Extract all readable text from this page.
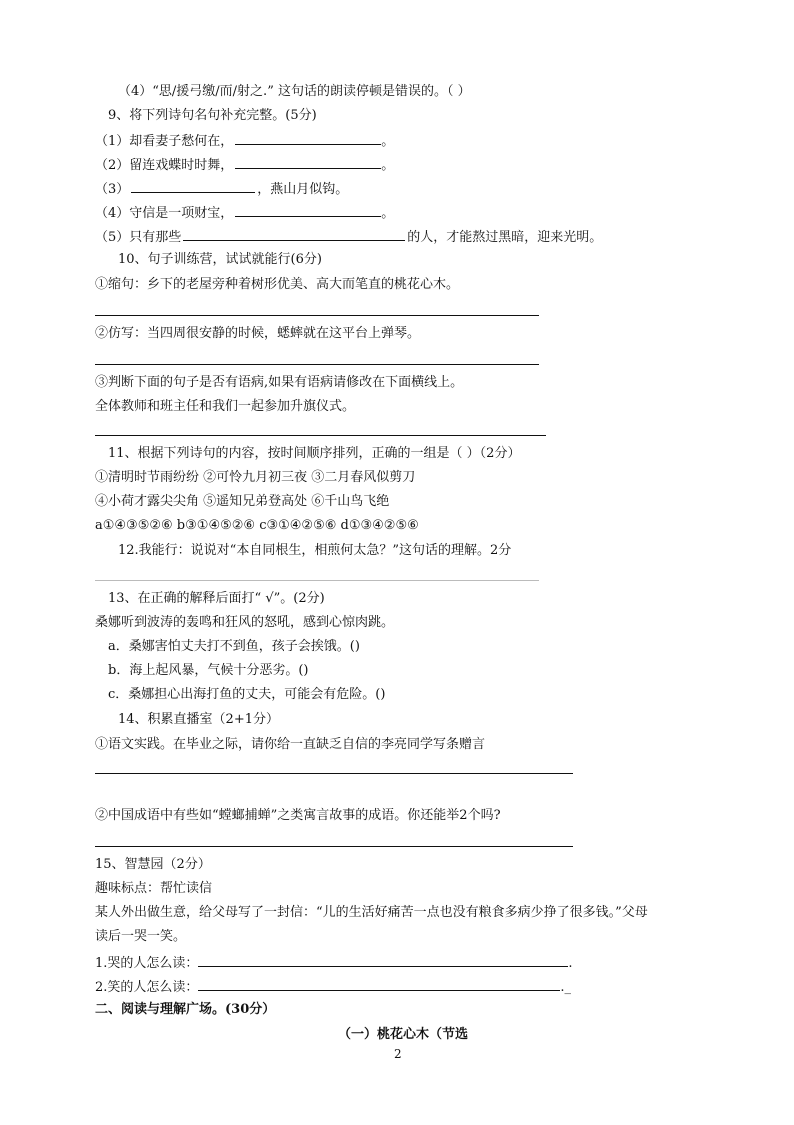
（4）“思/援弓缴/而/射之.” 这句话的朗读停顿是错误的。（ ）
9、将下列诗句名句补充完整。(5分)
（1）却看妻子愁何在，	。
（2）留连戏蝶时时舞，	。
（3）	，燕山月似钩。
（4）守信是一项财宝，	。
（5）只有那些	的人，才能熬过黑暗，迎来光明。
10、句子训练营，试试就能行(6分)
①缩句：乡下的老屋旁种着树形优美、高大而笔直的桃花心木。
②仿写：当四周很安静的时候，蟋蟀就在这平台上弹琴。
③判断下面的句子是否有语病,如果有语病请修改在下面横线上。
全体教师和班主任和我们一起参加升旗仪式。
11、根据下列诗句的内容，按时间顺序排列，正确的一组是（ ）（2分）
①清明时节雨纷纷 ②可怜九月初三夜 ③二月春风似剪刀
④小荷才露尖尖角 ⑤遥知兄弟登高处 ⑥千山鸟飞绝
a①④③⑤②⑥ b③①④⑤②⑥ c③①④②⑤⑥ d①③④②⑤⑥
12.我能行：说说对“本自同根生，相煎何太急？”这句话的理解。2分
13、在正确的解释后面打“ √”。(2分)
桑娜听到波涛的轰鸣和狂风的怒吼，感到心惊肉跳。
a．桑娜害怕丈夫打不到鱼，孩子会挨饿。()
b．海上起风暴，气候十分恶劣。()
c．桑娜担心出海打鱼的丈夫，可能会有危险。()
14、积累直播室（2+1分）
①语文实践。在毕业之际，请你给一直缺乏自信的李亮同学写条赠言
②中国成语中有些如“螳螂捕蝉”之类寓言故事的成语。你还能举2个吗?
15、智慧园（2分）
趣味标点：帮忙读信
某人外出做生意，给父母写了一封信：“儿的生活好痛苦一点也没有粮食多病少挣了很多钱。”父母
读后一哭一笑。
1.哭的人怎么读：	.
2.笑的人怎么读：	._
二、阅读与理解广场。(30分）
（一）桃花心木（节选
2
